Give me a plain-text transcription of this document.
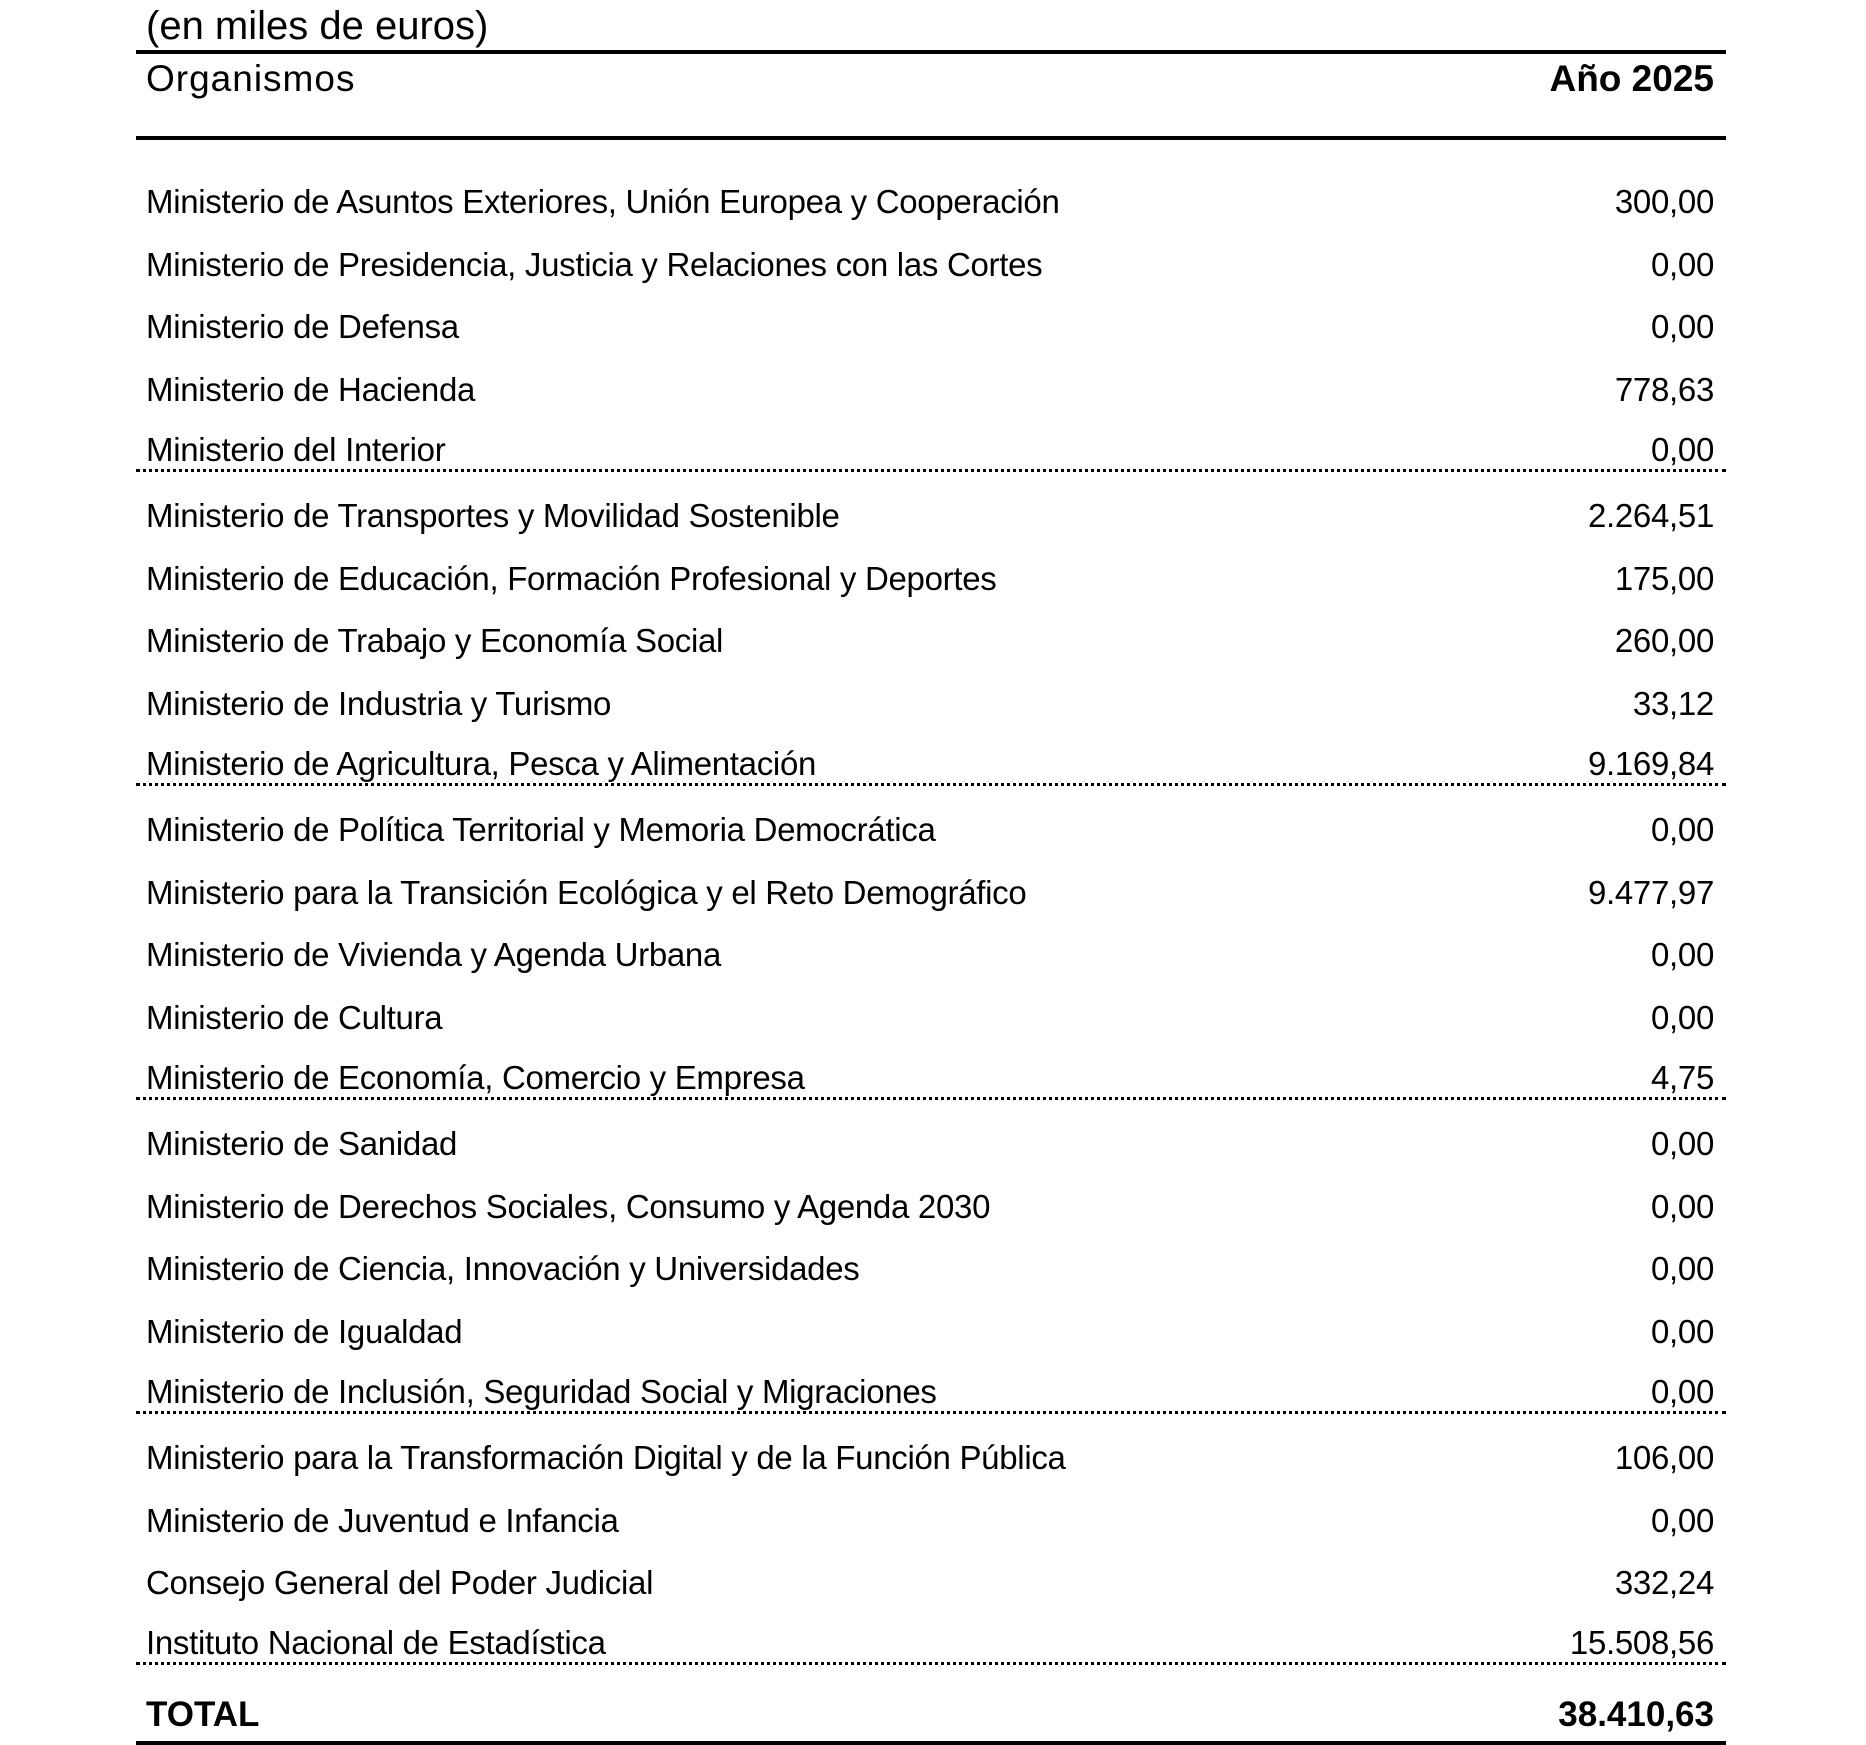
(en miles de euros)
Organismos	Año 2025
Ministerio de Asuntos Exteriores, Unión Europea y Cooperación	300,00
Ministerio de Presidencia, Justicia y Relaciones con las Cortes	0,00
Ministerio de Defensa	0,00
Ministerio de Hacienda	778,63
Ministerio del Interior	0,00
Ministerio de Transportes y Movilidad Sostenible	2.264,51
Ministerio de Educación, Formación Profesional y Deportes	175,00
Ministerio de Trabajo y Economía Social	260,00
Ministerio de Industria y Turismo	33,12
Ministerio de Agricultura, Pesca y Alimentación	9.169,84
Ministerio de Política Territorial y Memoria Democrática	0,00
Ministerio para la Transición Ecológica y el Reto Demográfico	9.477,97
Ministerio de Vivienda y Agenda Urbana	0,00
Ministerio de Cultura	0,00
Ministerio de Economía, Comercio y Empresa	4,75
Ministerio de Sanidad	0,00
Ministerio de Derechos Sociales, Consumo y Agenda 2030	0,00
Ministerio de Ciencia, Innovación y Universidades	0,00
Ministerio de Igualdad	0,00
Ministerio de Inclusión, Seguridad Social y Migraciones	0,00
Ministerio para la Transformación Digital y de la Función Pública	106,00
Ministerio de Juventud e Infancia	0,00
Consejo General del Poder Judicial	332,24
Instituto Nacional de Estadística	15.508,56
TOTAL	38.410,63
